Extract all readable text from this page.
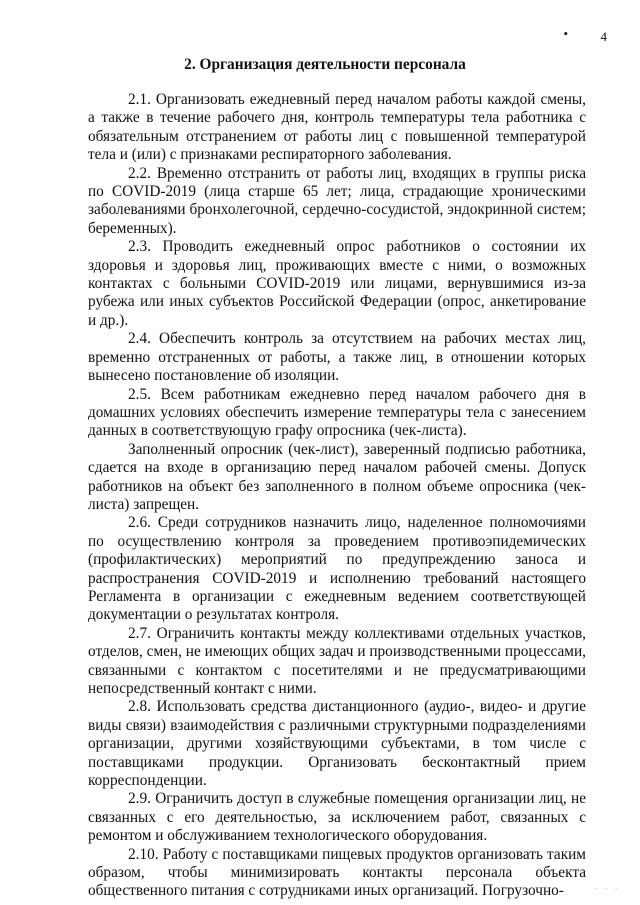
•	4
2. Организация деятельности персонала

2.1. Организовать ежедневный перед началом работы каждой смены, а также в течение рабочего дня, контроль температуры тела работника с обязательным отстранением от работы лиц с повышенной температурой тела и (или) с признаками респираторного заболевания.

2.2. Временно отстранить от работы лиц, входящих в группы риска по COVID-2019 (лица старше 65 лет; лица, страдающие хроническими заболеваниями бронхолегочной, сердечно-сосудистой, эндокринной систем; беременных).

2.3. Проводить ежедневный опрос работников о состоянии их здоровья и здоровья лиц, проживающих вместе с ними, о возможных контактах с больными COVID-2019 или лицами, вернувшимися из-за рубежа или иных субъектов Российской Федерации (опрос, анкетирование и др.).

2.4. Обеспечить контроль за отсутствием на рабочих местах лиц, временно отстраненных от работы, а также лиц, в отношении которых вынесено постановление об изоляции.

2.5. Всем работникам ежедневно перед началом рабочего дня в домашних условиях обеспечить измерение температуры тела с занесением данных в соответствующую графу опросника (чек-листа).

Заполненный опросник (чек-лист), заверенный подписью работника, сдается на входе в организацию перед началом рабочей смены. Допуск работников на объект без заполненного в полном объеме опросника (чек-листа) запрещен.

2.6. Среди сотрудников назначить лицо, наделенное полномочиями по осуществлению контроля за проведением противоэпидемических (профилактических) мероприятий по предупреждению заноса и распространения COVID-2019 и исполнению требований настоящего Регламента в организации с ежедневным ведением соответствующей документации о результатах контроля.

2.7. Ограничить контакты между коллективами отдельных участков, отделов, смен, не имеющих общих задач и производственными процессами, связанными с контактом с посетителями и не предусматривающими непосредственный контакт с ними.

2.8. Использовать средства дистанционного (аудио-, видео- и другие виды связи) взаимодействия с различными структурными подразделениями организации, другими хозяйствующими субъектами, в том числе с поставщиками продукции. Организовать бесконтактный прием корреспонденции.

2.9. Ограничить доступ в служебные помещения организации лиц, не связанных с его деятельностью, за исключением работ, связанных с ремонтом и обслуживанием технологического оборудования.

2.10. Работу с поставщиками пищевых продуктов организовать таким образом, чтобы минимизировать контакты персонала объекта общественного питания с сотрудниками иных организаций. Погрузочно-	. . .
